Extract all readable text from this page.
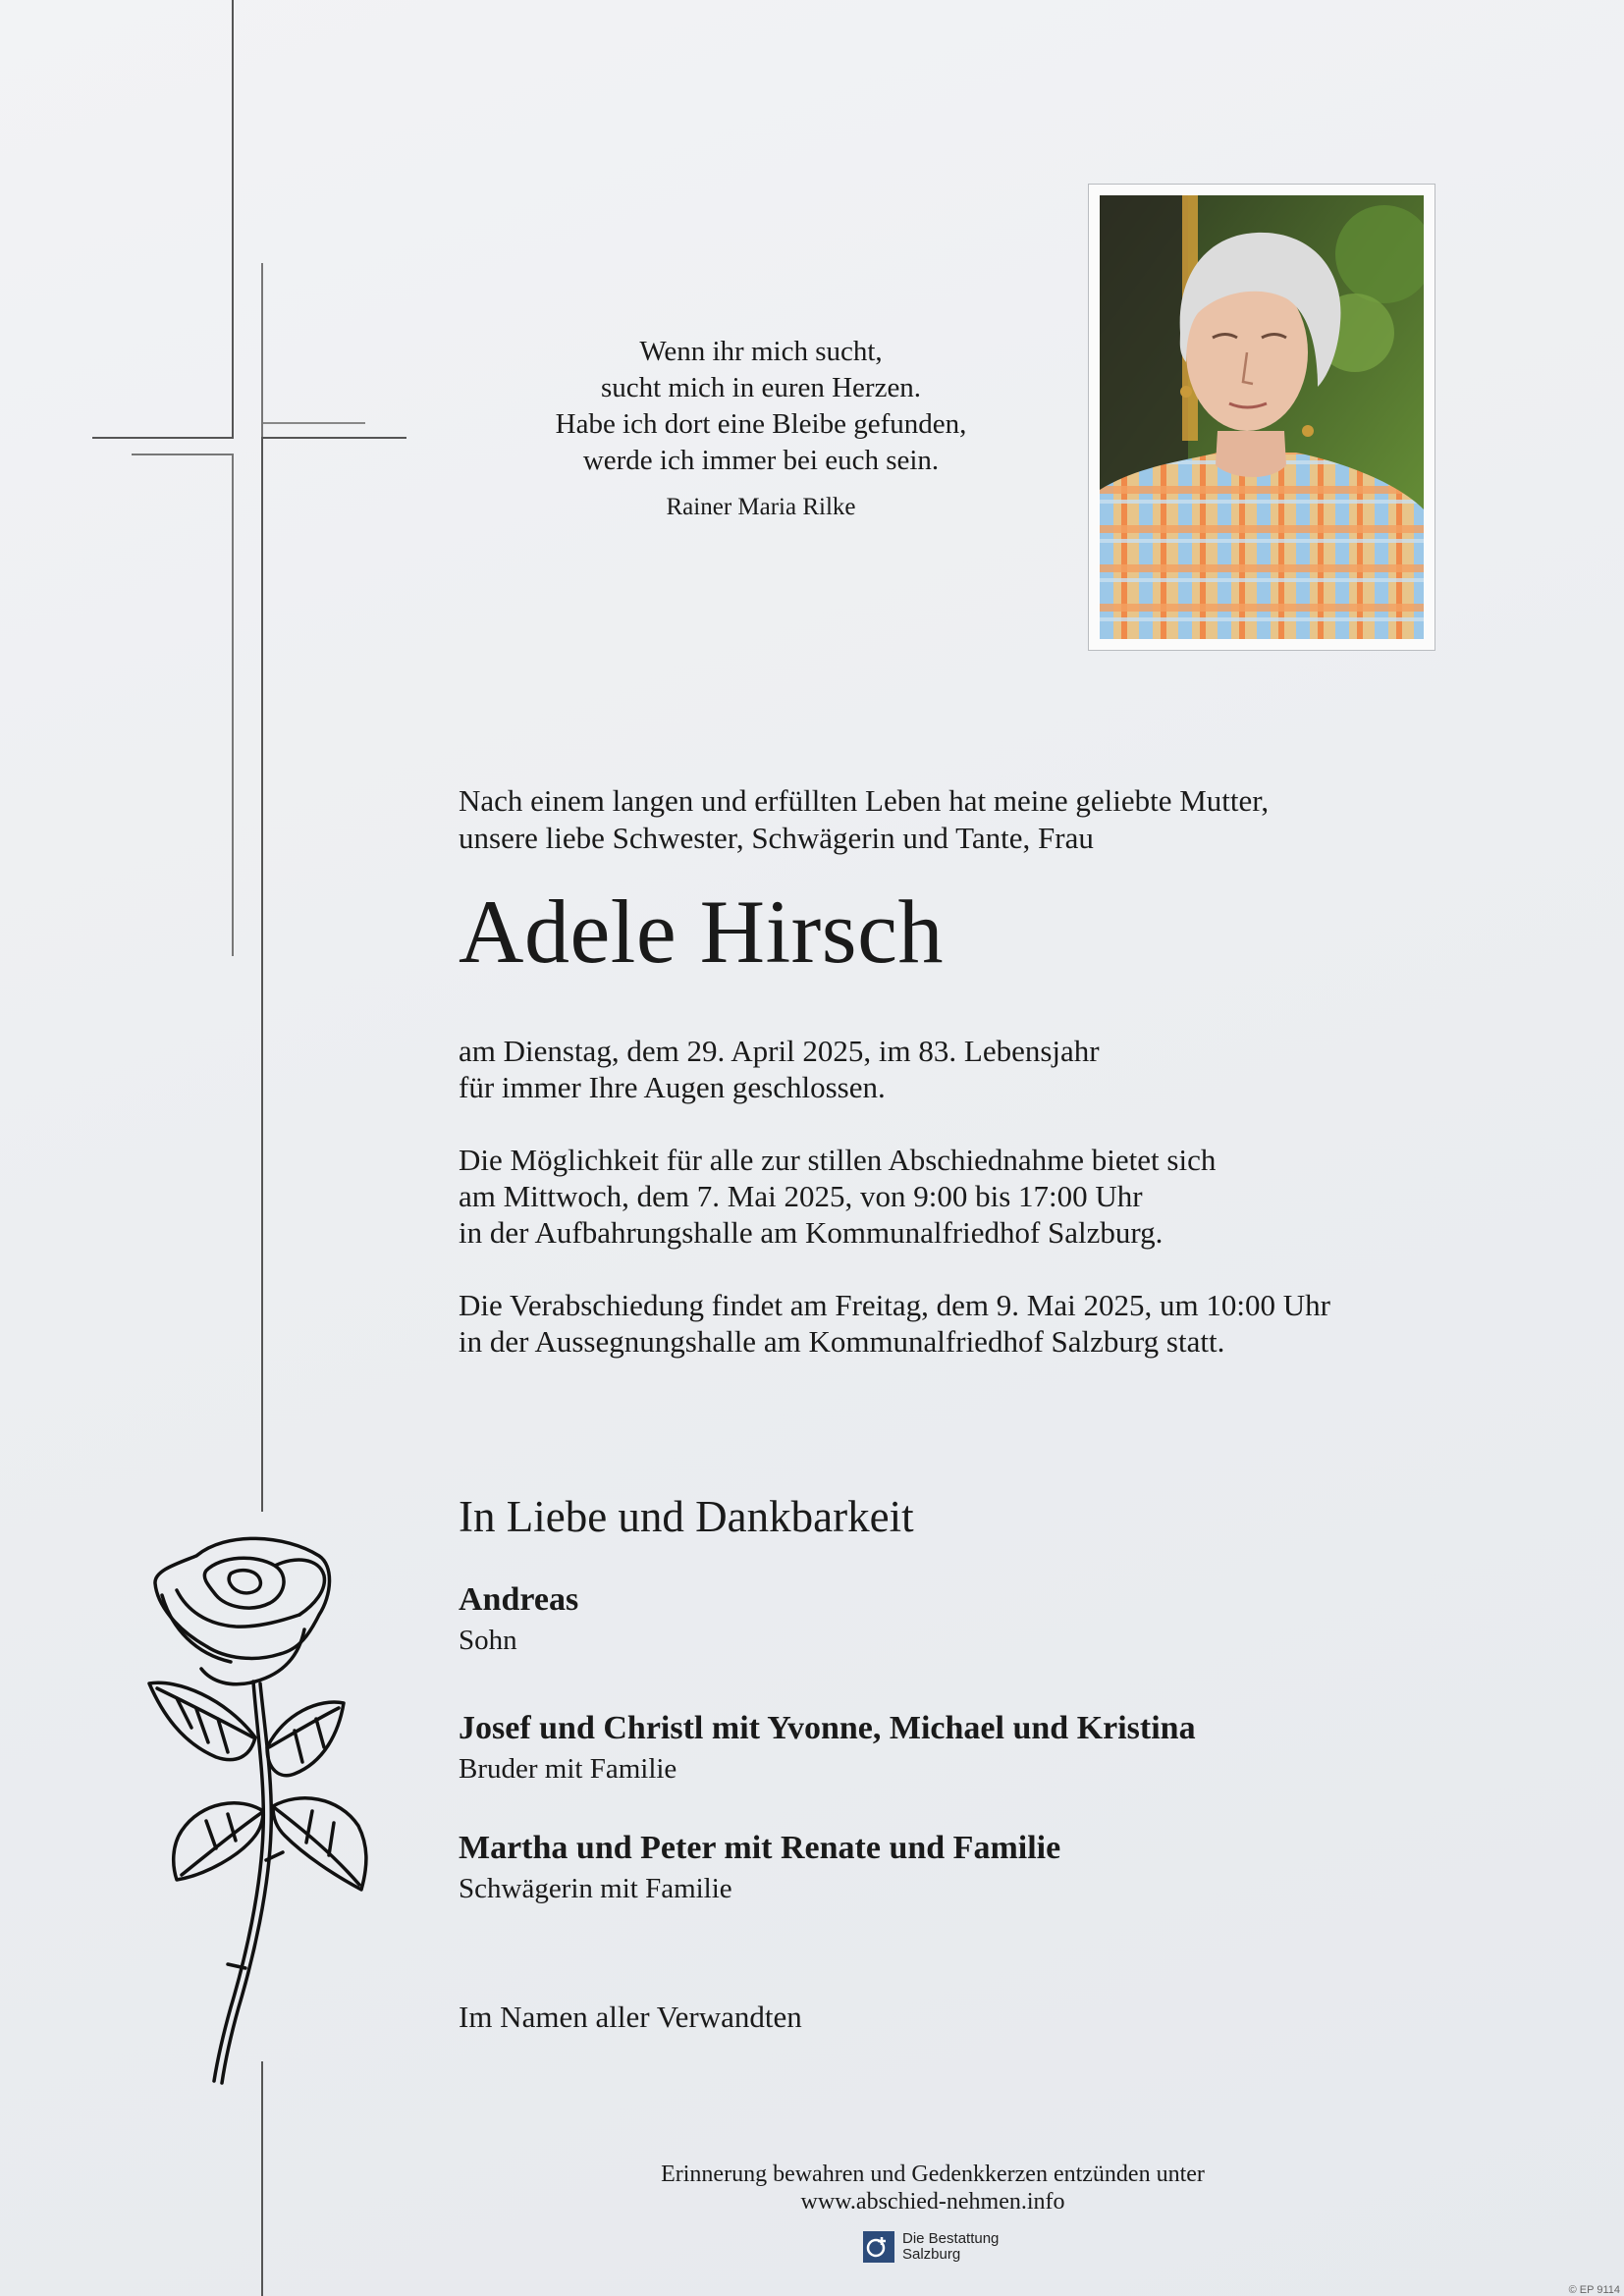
Wenn ihr mich sucht,
sucht mich in euren Herzen.
Habe ich dort eine Bleibe gefunden,
werde ich immer bei euch sein.
Rainer Maria Rilke
Nach einem langen und erfüllten Leben hat meine geliebte Mutter,
unsere liebe Schwester, Schwägerin und Tante, Frau
Adele Hirsch
am Dienstag, dem 29. April 2025, im 83. Lebensjahr
für immer Ihre Augen geschlossen.
Die Möglichkeit für alle zur stillen Abschiednahme bietet sich
am Mittwoch, dem 7. Mai 2025, von 9:00 bis 17:00 Uhr
in der Aufbahrungshalle am Kommunalfriedhof Salzburg.
Die Verabschiedung findet am Freitag, dem 9. Mai 2025, um 10:00 Uhr
in der Aussegnungshalle am Kommunalfriedhof Salzburg statt.
In Liebe und Dankbarkeit
Andreas
Sohn
Josef und Christl mit Yvonne, Michael und Kristina
Bruder mit Familie
Martha und Peter mit Renate und Familie
Schwägerin mit Familie
Im Namen aller Verwandten
Erinnerung bewahren und Gedenkkerzen entzünden unter
www.abschied-nehmen.info
Die Bestattung
Salzburg
© EP 9114
